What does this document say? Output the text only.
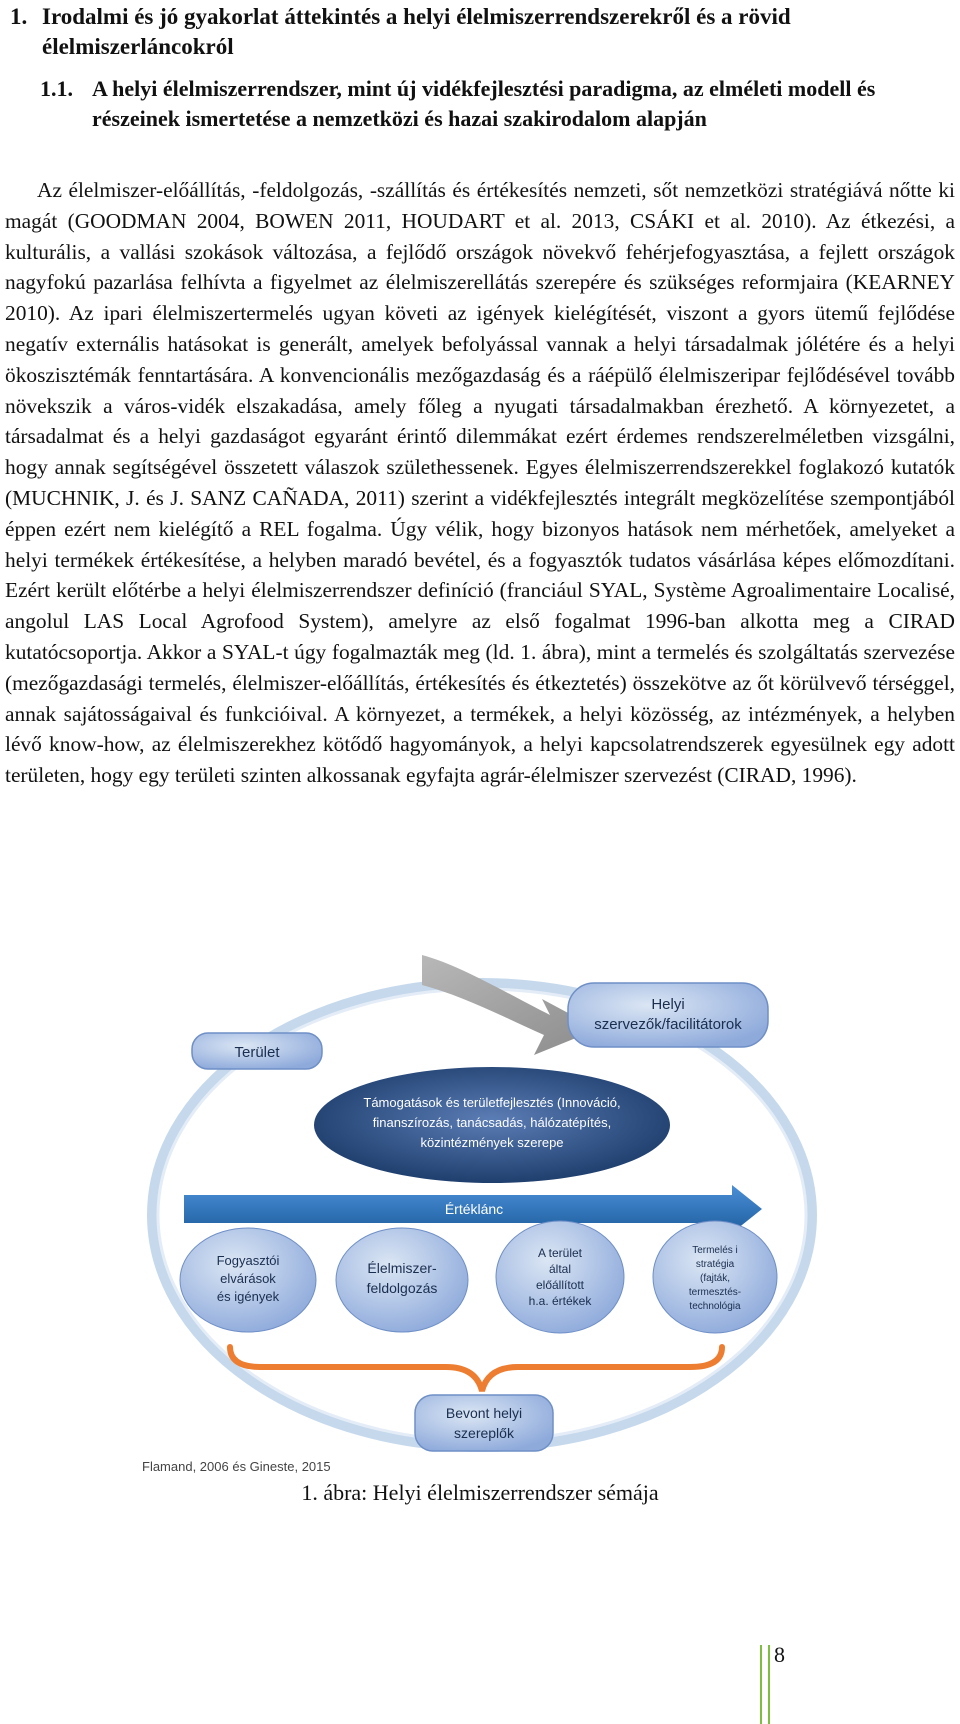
1. Irodalmi és jó gyakorlat áttekintés a helyi élelmiszerrendszerekről és a rövid élelmiszerláncokról
1.1. A helyi élelmiszerrendszer, mint új vidékfejlesztési paradigma, az elméleti modell és részeinek ismertetése a nemzetközi és hazai szakirodalom alapján

Az élelmiszer-előállítás, -feldolgozás, -szállítás és értékesítés nemzeti, sőt nemzetközi stratégiává nőtte ki magát (GOODMAN 2004, BOWEN 2011, HOUDART et al. 2013, CSÁKI et al. 2010). Az étkezési, a kulturális, a vallási szokások változása, a fejlődő országok növekvő fehérjefogyasztása, a fejlett országok nagyfokú pazarlása felhívta a figyelmet az élelmiszerellátás szerepére és szükséges reformjaira (KEARNEY 2010). Az ipari élelmiszertermelés ugyan követi az igények kielégítését, viszont a gyors ütemű fejlődése negatív externális hatásokat is generált, amelyek befolyással vannak a helyi társadalmak jólétére és a helyi ökoszisztémák fenntartására. A konvencionális mezőgazdaság és a ráépülő élelmiszeripar fejlődésével tovább növekszik a város-vidék elszakadása, amely főleg a nyugati társadalmakban érezhető. A környezetet, a társadalmat és a helyi gazdaságot egyaránt érintő dilemmákat ezért érdemes rendszerelméletben vizsgálni, hogy annak segítségével összetett válaszok születhessenek. Egyes élelmiszerrendszerekkel foglakozó kutatók (MUCHNIK, J. és J. SANZ CAÑADA, 2011) szerint a vidékfejlesztés integrált megközelítése szempontjából éppen ezért nem kielégítő a REL fogalma. Úgy vélik, hogy bizonyos hatások nem mérhetőek, amelyeket a helyi termékek értékesítése, a helyben maradó bevétel, és a fogyasztók tudatos vásárlása képes előmozdítani. Ezért került előtérbe a helyi élelmiszerrendszer definíció (franciául SYAL, Système Agroalimentaire Localisé, angolul LAS Local Agrofood System), amelyre az első fogalmat 1996-ban alkotta meg a CIRAD kutatócsoportja. Akkor a SYAL-t úgy fogalmazták meg (ld. 1. ábra), mint a termelés és szolgáltatás szervezése (mezőgazdasági termelés, élelmiszer-előállítás, értékesítés és étkeztetés) összekötve az őt körülvevő térséggel, annak sajátosságaival és funkcióival. A környezet, a termékek, a helyi közösség, az intézmények, a helyben lévő know-how, az élelmiszerekhez kötődő hagyományok, a helyi kapcsolatrendszerek egyesülnek egy adott területen, hogy egy területi szinten alkossanak egyfajta agrár-élelmiszer szervezést (CIRAD, 1996).

Helyi
szervezők/facilitátorok
Terület
Támogatások és területfejlesztés (Innováció,
finanszírozás, tanácsadás, hálózatépítés,
közintézmények szerepe
Értéklánc
Fogyasztói
elvárások
és igények
Élelmiszer-
feldolgozás
A terület
által
előállított
h.a. értékek
Termelés i
stratégia
(fajták,
termesztés-
technológia
Bevont helyi
szereplők
Flamand, 2006 és Gineste, 2015
1. ábra: Helyi élelmiszerrendszer sémája
8
